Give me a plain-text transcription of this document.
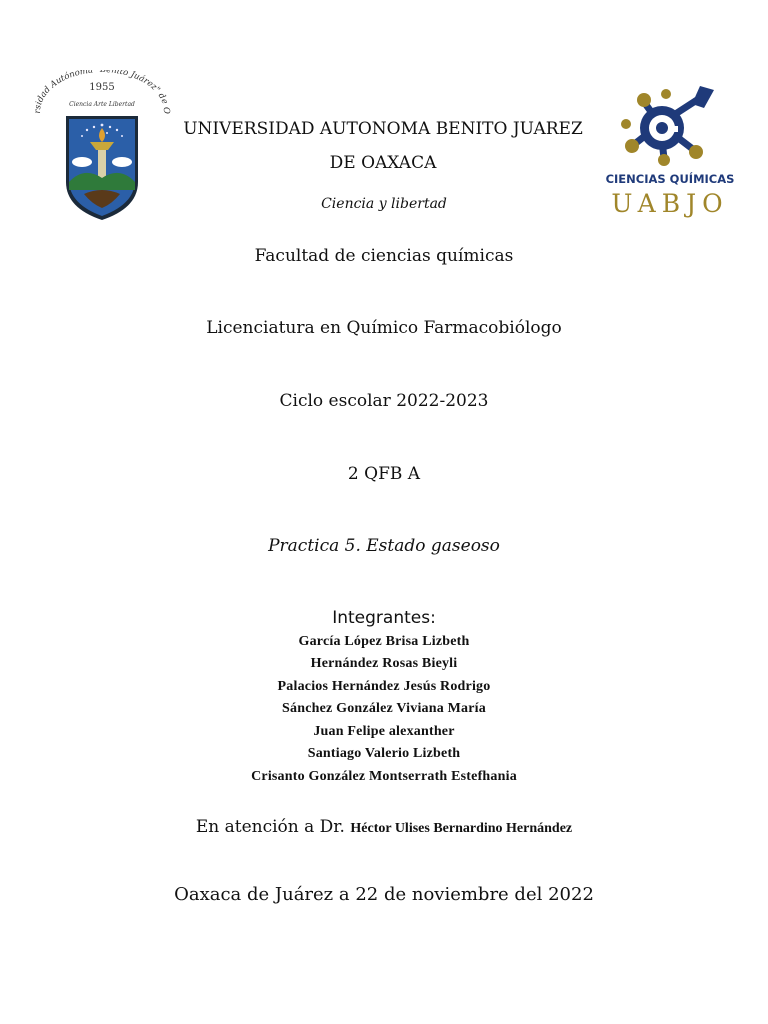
rsidad Autónoma "Benito Juárez" de O
1955
Ciencia Arte Libertad
CIENCIAS QUÍMICAS
UABJO
UNIVERSIDAD AUTONOMA BENITO JUAREZ DE OAXACA
Ciencia y libertad
Facultad de ciencias químicas
Licenciatura en Químico Farmacobiólogo
Ciclo escolar 2022-2023
2 QFB A
Practica 5. Estado gaseoso
Integrantes:
García López Brisa Lizbeth
Hernández Rosas Bieyli
Palacios Hernández Jesús Rodrigo
Sánchez González Viviana María
Juan Felipe alexanther
Santiago Valerio Lizbeth
Crisanto González Montserrath Estefhania
En atención a Dr. Héctor Ulises Bernardino Hernández
Oaxaca de Juárez a 22 de noviembre del 2022
